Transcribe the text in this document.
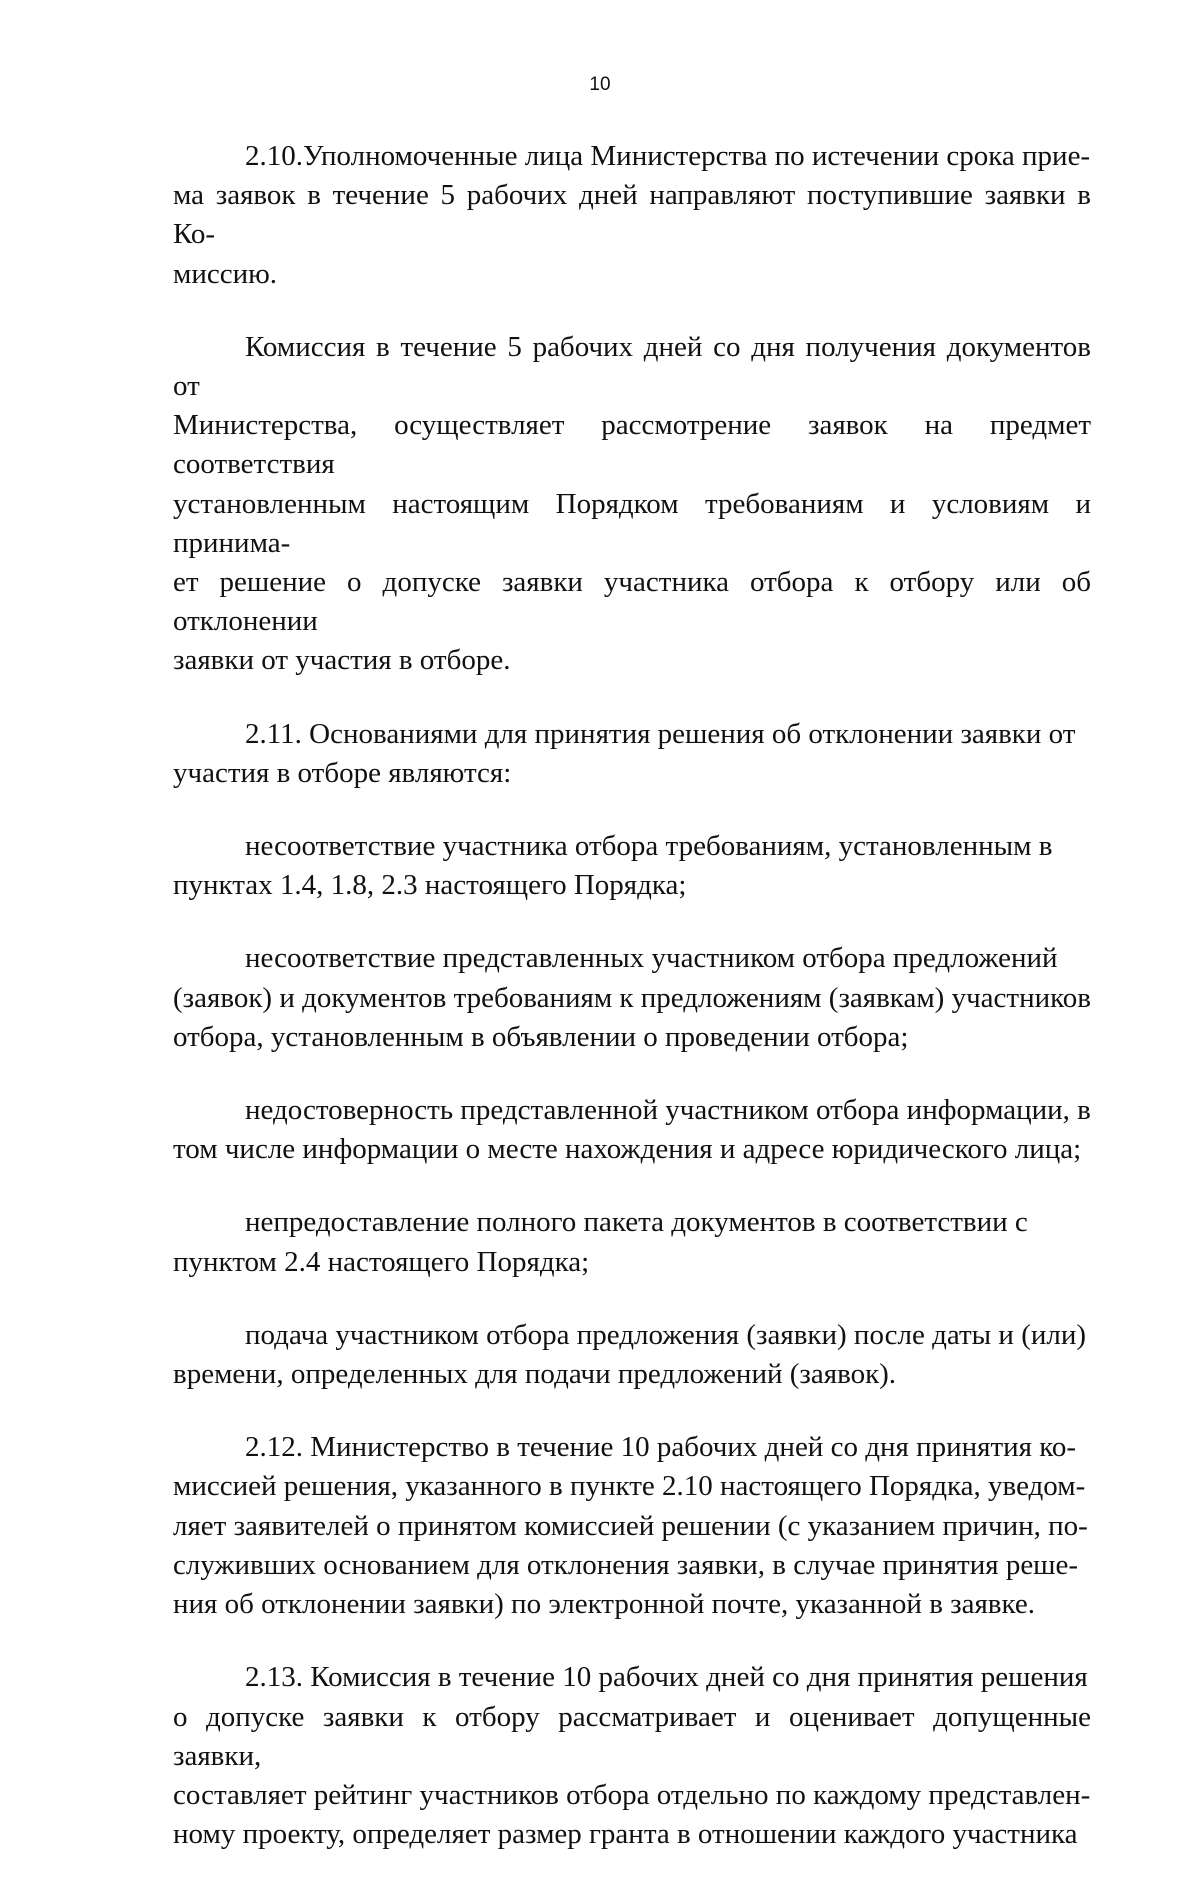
10

2.10.Уполномоченные лица Министерства по истечении срока прие-
ма заявок в течение 5 рабочих дней направляют поступившие заявки в Ко-
миссию.

Комиссия в течение 5 рабочих дней со дня получения документов от
Министерства, осуществляет рассмотрение заявок на предмет соответствия
установленным настоящим Порядком требованиям и условиям и принима-
ет решение о допуске заявки участника отбора к отбору или об отклонении
заявки от участия в отборе.

2.11. Основаниями для принятия решения об отклонении заявки от
участия в отборе являются:

несоответствие участника отбора требованиям, установленным в
пунктах 1.4, 1.8, 2.3 настоящего Порядка;

несоответствие представленных участником отбора предложений
(заявок) и документов требованиям к предложениям (заявкам) участников
отбора, установленным в объявлении о проведении отбора;

недостоверность представленной участником отбора информации, в
том числе информации о месте нахождения и адресе юридического лица;

непредоставление полного пакета документов в соответствии с
пунктом 2.4 настоящего Порядка;

подача участником отбора предложения (заявки) после даты и (или)
времени, определенных для подачи предложений (заявок).

2.12. Министерство в течение 10 рабочих дней со дня принятия ко-
миссией решения, указанного в пункте 2.10 настоящего Порядка, уведом-
ляет заявителей о принятом комиссией решении (с указанием причин, по-
служивших основанием для отклонения заявки, в случае принятия реше-
ния об отклонении заявки) по электронной почте, указанной в заявке.

2.13. Комиссия в течение 10 рабочих дней со дня принятия решения
о допуске заявки к отбору рассматривает и оценивает допущенные заявки,
составляет рейтинг участников отбора отдельно по каждому представлен-
ному проекту, определяет размер гранта в отношении каждого участника
